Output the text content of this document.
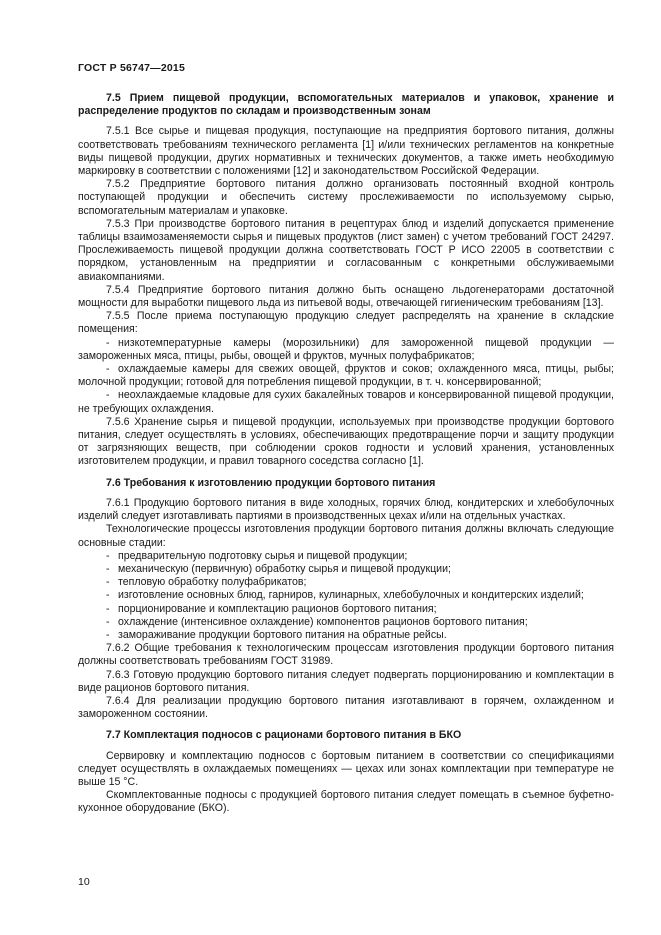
ГОСТ Р 56747—2015

7.5 Прием пищевой продукции, вспомогательных материалов и упаковок, хранение и распределение продуктов по складам и производственным зонам

7.5.1 Все сырье и пищевая продукция, поступающие на предприятия бортового питания, должны соответствовать требованиям технического регламента [1] и/или технических регламентов на конкретные виды пищевой продукции, других нормативных и технических документов, а также иметь необходимую маркировку в соответствии с положениями [12] и законодательством Российской Федерации.

7.5.2 Предприятие бортового питания должно организовать постоянный входной контроль поступающей продукции и обеспечить систему прослеживаемости по используемому сырью, вспомогательным материалам и упаковке.

7.5.3 При производстве бортового питания в рецептурах блюд и изделий допускается применение таблицы взаимозаменяемости сырья и пищевых продуктов (лист замен) с учетом требований ГОСТ 24297. Прослеживаемость пищевой продукции должна соответствовать ГОСТ Р ИСО 22005 в соответствии с порядком, установленным на предприятии и согласованным с конкретными обслуживаемыми авиакомпаниями.

7.5.4 Предприятие бортового питания должно быть оснащено льдогенераторами достаточной мощности для выработки пищевого льда из питьевой воды, отвечающей гигиеническим требованиям [13].

7.5.5 После приема поступающую продукцию следует распределять на хранение в складские помещения:

- низкотемпературные камеры (морозильники) для замороженной пищевой продукции — замороженных мяса, птицы, рыбы, овощей и фруктов, мучных полуфабрикатов;
- охлаждаемые камеры для свежих овощей, фруктов и соков; охлажденного мяса, птицы, рыбы; молочной продукции; готовой для потребления пищевой продукции, в т. ч. консервированной;
- неохлаждаемые кладовые для сухих бакалейных товаров и консервированной пищевой продукции, не требующих охлаждения.

7.5.6 Хранение сырья и пищевой продукции, используемых при производстве продукции бортового питания, следует осуществлять в условиях, обеспечивающих предотвращение порчи и защиту продукции от загрязняющих веществ, при соблюдении сроков годности и условий хранения, установленных изготовителем продукции, и правил товарного соседства согласно [1].

7.6 Требования к изготовлению продукции бортового питания

7.6.1 Продукцию бортового питания в виде холодных, горячих блюд, кондитерских и хлебобулочных изделий следует изготавливать партиями в производственных цехах и/или на отдельных участках.

Технологические процессы изготовления продукции бортового питания должны включать следующие основные стадии:

- предварительную подготовку сырья и пищевой продукции;
- механическую (первичную) обработку сырья и пищевой продукции;
- тепловую обработку полуфабрикатов;
- изготовление основных блюд, гарниров, кулинарных, хлебобулочных и кондитерских изделий;
- порционирование и комплектацию рационов бортового питания;
- охлаждение (интенсивное охлаждение) компонентов рационов бортового питания;
- замораживание продукции бортового питания на обратные рейсы.

7.6.2 Общие требования к технологическим процессам изготовления продукции бортового питания должны соответствовать требованиям ГОСТ 31989.

7.6.3 Готовую продукцию бортового питания следует подвергать порционированию и комплектации в виде рационов бортового питания.

7.6.4 Для реализации продукцию бортового питания изготавливают в горячем, охлажденном и замороженном состоянии.

7.7 Комплектация подносов с рационами бортового питания в БКО

Сервировку и комплектацию подносов с бортовым питанием в соответствии со спецификациями следует осуществлять в охлаждаемых помещениях — цехах или зонах комплектации при температуре не выше 15 °С.

Скомплектованные подносы с продукцией бортового питания следует помещать в съемное буфетно-кухонное оборудование (БКО).

10
